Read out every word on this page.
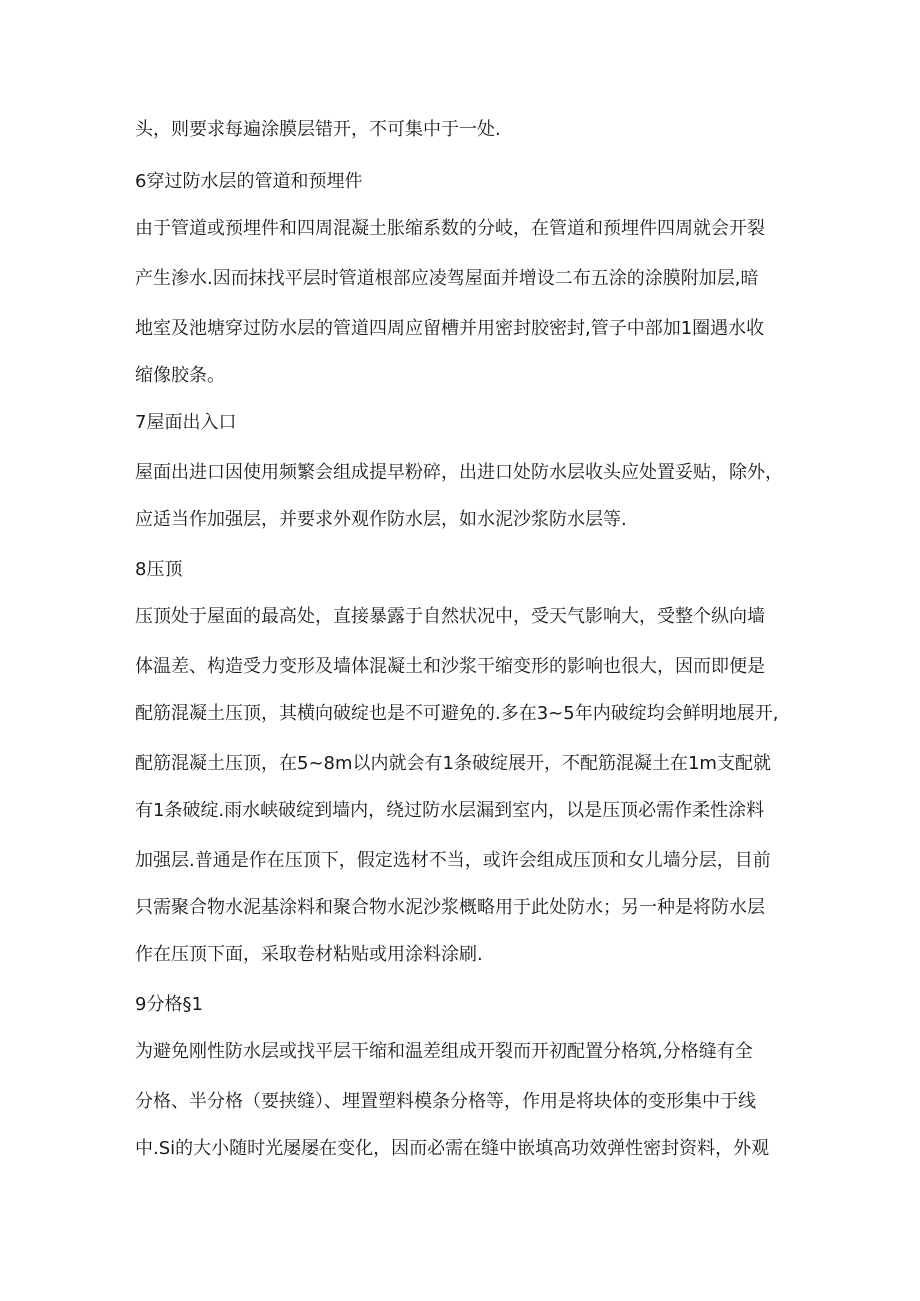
头，则要求每遍涂膜层错开，不可集中于一处.
6穿过防水层的管道和预埋件
由于管道或预埋件和四周混凝土胀缩系数的分岐，在管道和预埋件四周就会开裂
产生渗水.因而抹找平层时管道根部应凌驾屋面并增设二布五涂的涂膜附加层,暗
地室及池塘穿过防水层的管道四周应留槽并用密封胶密封,管子中部加1圈遇水收
缩像胶条。
7屋面出入口
屋面出进口因使用频繁会组成提早粉碎，出进口处防水层收头应处置妥贴，除外，
应适当作加强层，并要求外观作防水层，如水泥沙浆防水层等.
8压顶
压顶处于屋面的最高处，直接暴露于自然状况中，受天气影响大，受整个纵向墙
体温差、构造受力变形及墙体混凝土和沙浆干缩变形的影响也很大，因而即便是
配筋混凝土压顶，其横向破绽也是不可避免的.多在3~5年内破绽均会鲜明地展开,
配筋混凝土压顶，在5~8m以内就会有1条破绽展开，不配筋混凝土在1m支配就
有1条破绽.雨水峡破绽到墙内，绕过防水层漏到室内，以是压顶必需作柔性涂料
加强层.普通是作在压顶下，假定选材不当，或许会组成压顶和女儿墙分层，目前
只需聚合物水泥基涂料和聚合物水泥沙浆概略用于此处防水；另一种是将防水层
作在压顶下面，采取卷材粘贴或用涂料涂刷.
9分格§1
为避免刚性防水层或找平层干缩和温差组成开裂而开初配置分格筑,分格缝有全
分格、半分格（要挟缝）、埋置塑料模条分格等，作用是将块体的变形集中于线
中.Si的大小随时光屡屡在变化，因而必需在缝中嵌填高功效弹性密封资料，外观
